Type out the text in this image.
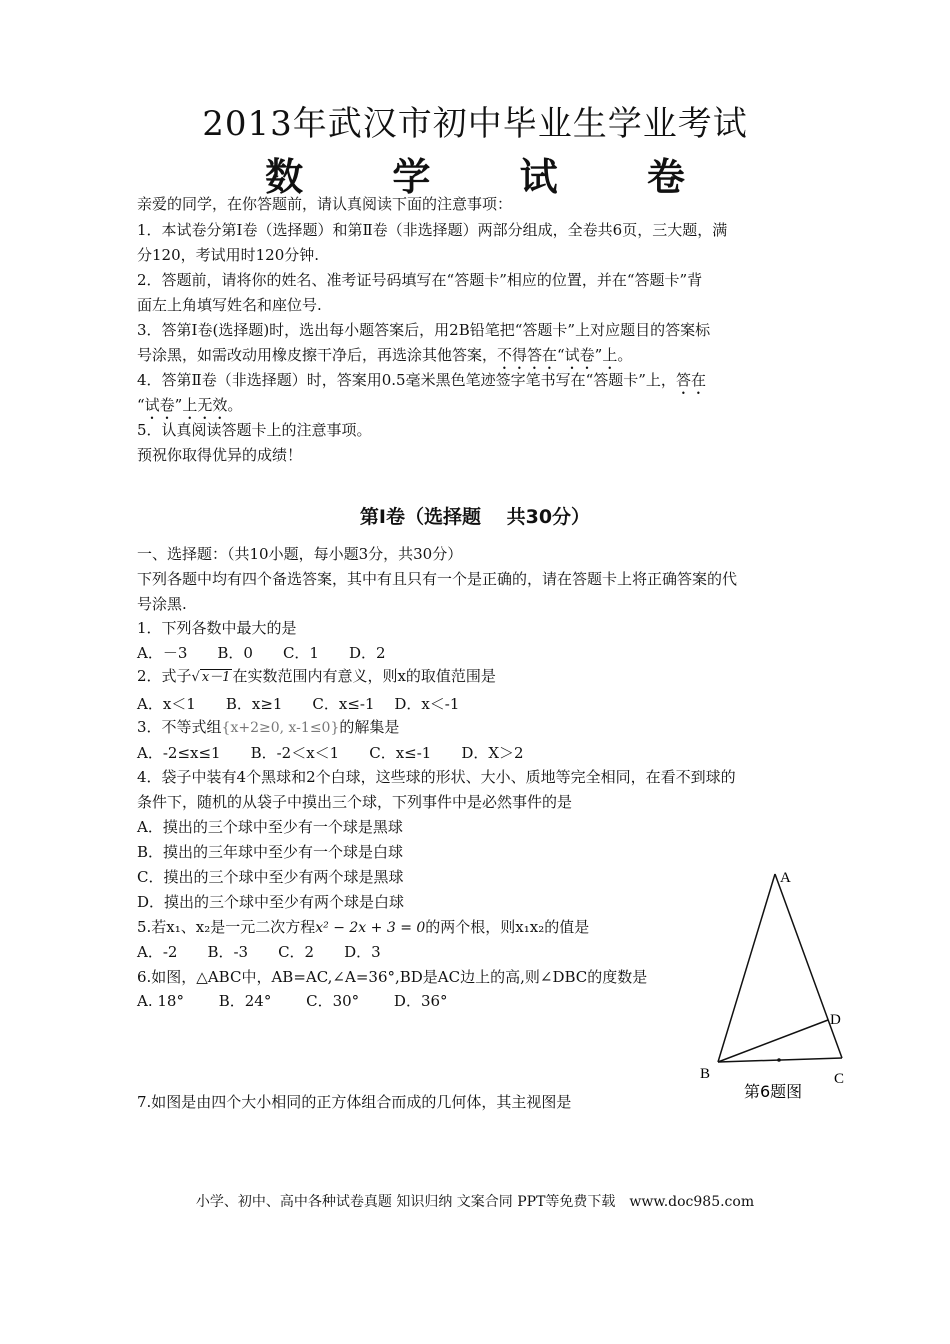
2013年武汉市初中毕业生学业考试
数 学 试 卷
亲爱的同学，在你答题前，请认真阅读下面的注意事项：
1．本试卷分第Ⅰ卷（选择题）和第Ⅱ卷（非选择题）两部分组成，全卷共6页，三大题，满
分120，考试用时120分钟.
2．答题前，请将你的姓名、准考证号码填写在“答题卡”相应的位置，并在“答题卡”背
面左上角填写姓名和座位号.
3．答第Ⅰ卷(选择题)时，选出每小题答案后，用2B铅笔把“答题卡”上对应题目的答案标
号涂黑，如需改动用橡皮擦干净后，再选涂其他答案，不得答在“试卷”上。
4．答第Ⅱ卷（非选择题）时，答案用0.5毫米黑色笔迹签字笔书写在“答题卡”上，答在
“试卷”上无效。
5．认真阅读答题卡上的注意事项。
预祝你取得优异的成绩！
第Ⅰ卷（选择题　 共30分）
一、选择题：（共10小题，每小题3分，共30分）
下列各题中均有四个备选答案，其中有且只有一个是正确的，请在答题卡上将正确答案的代
号涂黑.
1．下列各数中最大的是
A．－3　　B．0　　C．1　　D．2
2．式子√ x－1 在实数范围内有意义，则x的取值范围是
A．x＜1　　B．x≥1　　C．x≤-1　 D．x＜-1
3．不等式组{x+2≥0, x-1≤0}的解集是
A．-2≤x≤1　　B．-2＜x＜1　　C．x≤-1　　D．X＞2
4．袋子中装有4个黑球和2个白球，这些球的形状、大小、质地等完全相同，在看不到球的
条件下，随机的从袋子中摸出三个球，下列事件中是必然事件的是
A．摸出的三个球中至少有一个球是黑球
B．摸出的三年球中至少有一个球是白球
C．摸出的三个球中至少有两个球是黑球
D．摸出的三个球中至少有两个球是白球
5.若x₁、x₂是一元二次方程x² − 2x + 3 = 0的两个根，则x₁x₂的值是
A．-2　　B．-3　　C．2　　D．3
6.如图，△ABC中，AB=AC,∠A=36°,BD是AC边上的高,则∠DBC的度数是
A. 18°　　 B．24°　　 C．30°　　 D．36°
7.如图是由四个大小相同的正方体组合而成的几何体，其主视图是
A
B	C
D
第6题图
小学、初中、高中各种试卷真题 知识归纳 文案合同 PPT等免费下载　www.doc985.com
